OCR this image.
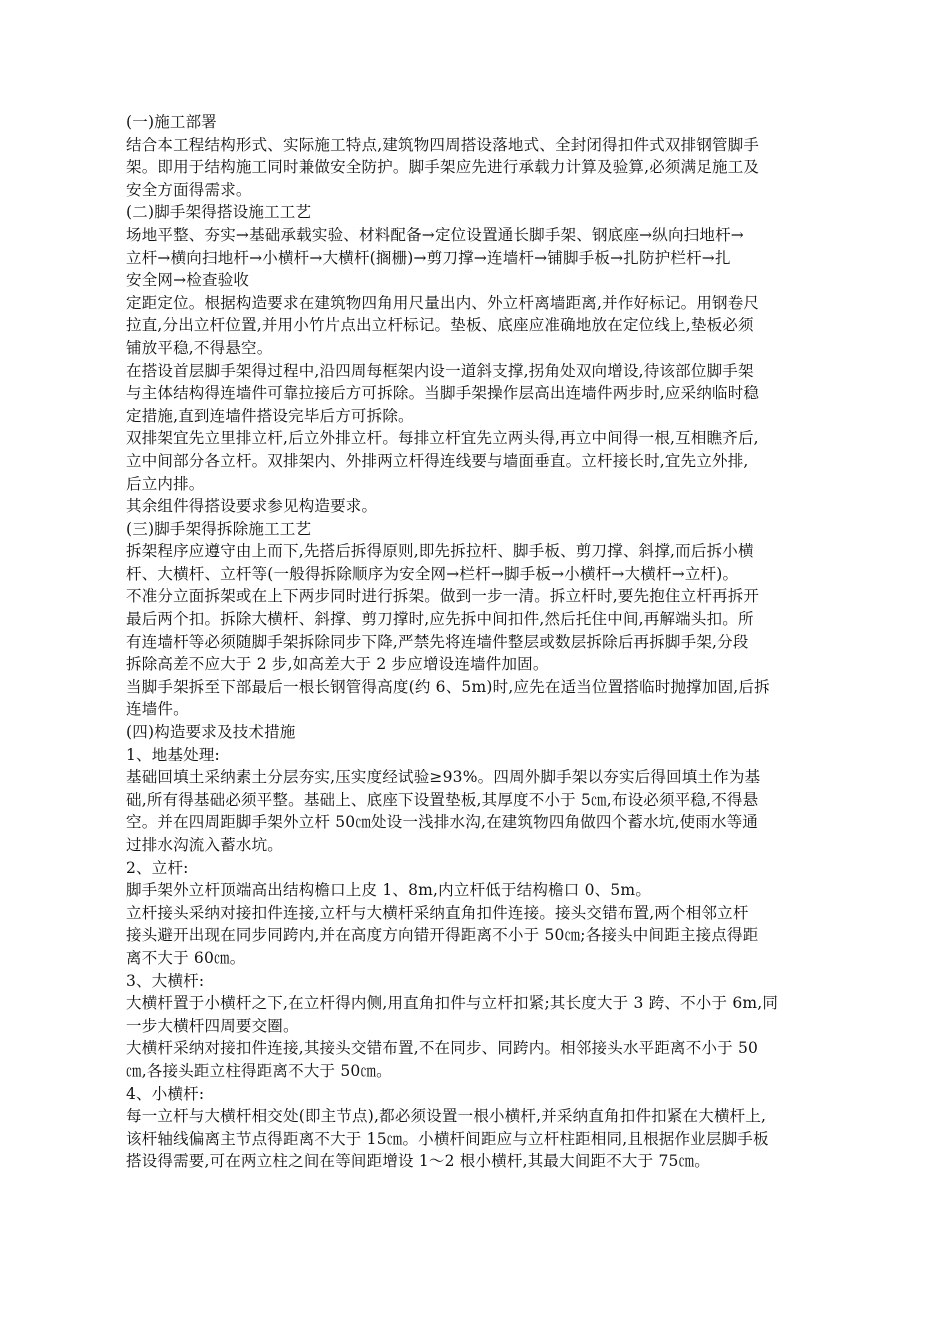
(一)施工部署
结合本工程结构形式、实际施工特点,建筑物四周搭设落地式、全封闭得扣件式双排钢管脚手
架。即用于结构施工同时兼做安全防护。脚手架应先进行承载力计算及验算,必须满足施工及
安全方面得需求。
(二)脚手架得搭设施工工艺
场地平整、夯实→基础承载实验、材料配备→定位设置通长脚手架、钢底座→纵向扫地杆→
立杆→横向扫地杆→小横杆→大横杆(搁栅)→剪刀撑→连墙杆→铺脚手板→扎防护栏杆→扎
安全网→检查验收
定距定位。根据构造要求在建筑物四角用尺量出内、外立杆离墙距离,并作好标记。用钢卷尺
拉直,分出立杆位置,并用小竹片点出立杆标记。垫板、底座应准确地放在定位线上,垫板必须
铺放平稳,不得悬空。
在搭设首层脚手架得过程中,沿四周每框架内设一道斜支撑,拐角处双向增设,待该部位脚手架
与主体结构得连墙件可靠拉接后方可拆除。当脚手架操作层高出连墙件两步时,应采纳临时稳
定措施,直到连墙件搭设完毕后方可拆除。
双排架宜先立里排立杆,后立外排立杆。每排立杆宜先立两头得,再立中间得一根,互相瞧齐后,
立中间部分各立杆。双排架内、外排两立杆得连线要与墙面垂直。立杆接长时,宜先立外排,
后立内排。
其余组件得搭设要求参见构造要求。
(三)脚手架得拆除施工工艺
拆架程序应遵守由上而下,先搭后拆得原则,即先拆拉杆、脚手板、剪刀撑、斜撑,而后拆小横
杆、大横杆、立杆等(一般得拆除顺序为安全网→栏杆→脚手板→小横杆→大横杆→立杆)。
不准分立面拆架或在上下两步同时进行拆架。做到一步一清。拆立杆时,要先抱住立杆再拆开
最后两个扣。拆除大横杆、斜撑、剪刀撑时,应先拆中间扣件,然后托住中间,再解端头扣。所
有连墙杆等必须随脚手架拆除同步下降,严禁先将连墙件整层或数层拆除后再拆脚手架,分段
拆除高差不应大于 2 步,如高差大于 2 步应增设连墙件加固。
当脚手架拆至下部最后一根长钢管得高度(约 6、5m)时,应先在适当位置搭临时抛撑加固,后拆
连墙件。
(四)构造要求及技术措施
1、地基处理:
基础回填土采纳素土分层夯实,压实度经试验≥93%。四周外脚手架以夯实后得回填土作为基
础,所有得基础必须平整。基础上、底座下设置垫板,其厚度不小于 5㎝,布设必须平稳,不得悬
空。并在四周距脚手架外立杆 50㎝处设一浅排水沟,在建筑物四角做四个蓄水坑,使雨水等通
过排水沟流入蓄水坑。
2、立杆:
脚手架外立杆顶端高出结构檐口上皮 1、8m,内立杆低于结构檐口 0、5m。
立杆接头采纳对接扣件连接,立杆与大横杆采纳直角扣件连接。接头交错布置,两个相邻立杆
接头避开出现在同步同跨内,并在高度方向错开得距离不小于 50㎝;各接头中间距主接点得距
离不大于 60㎝。
3、大横杆:
大横杆置于小横杆之下,在立杆得内侧,用直角扣件与立杆扣紧;其长度大于 3 跨、不小于 6m,同
一步大横杆四周要交圈。
大横杆采纳对接扣件连接,其接头交错布置,不在同步、同跨内。相邻接头水平距离不小于 50
㎝,各接头距立柱得距离不大于 50㎝。
4、小横杆:
每一立杆与大横杆相交处(即主节点),都必须设置一根小横杆,并采纳直角扣件扣紧在大横杆上,
该杆轴线偏离主节点得距离不大于 15㎝。小横杆间距应与立杆柱距相同,且根据作业层脚手板
搭设得需要,可在两立柱之间在等间距增设 1～2 根小横杆,其最大间距不大于 75㎝。
